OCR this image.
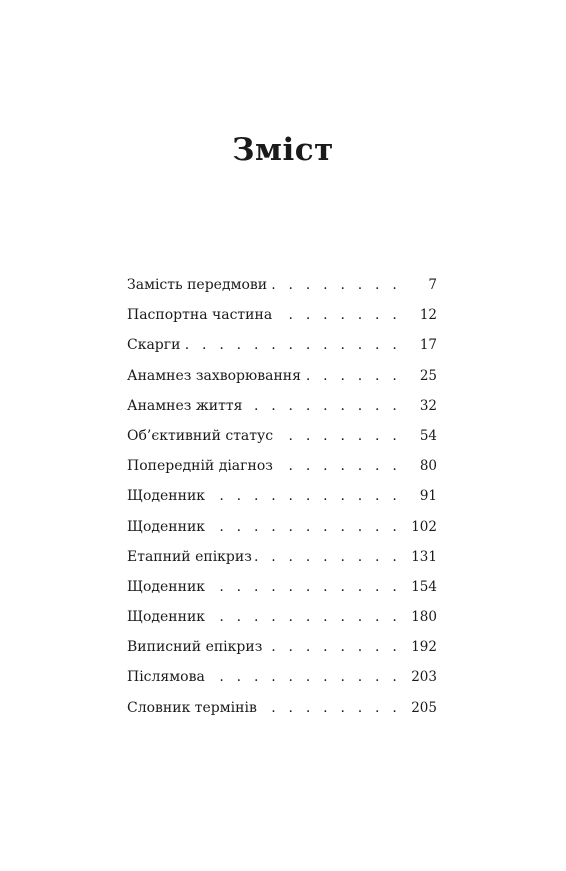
Зміст
Замість передмови . . .	7
Паспортна частина . . .	12
Скарги . . .	17
Анамнез захворювання . . .	25
Анамнез життя . . .	32
Об’єктивний статус . . .	54
Попередній діагноз . . .	80
Щоденник . . .	91
Щоденник . . .	102
Етапний епікриз . . .	131
Щоденник . . .	154
Щоденник . . .	180
Виписний епікриз . . .	192
Післямова . . .	203
Словник термінів . . .	205
